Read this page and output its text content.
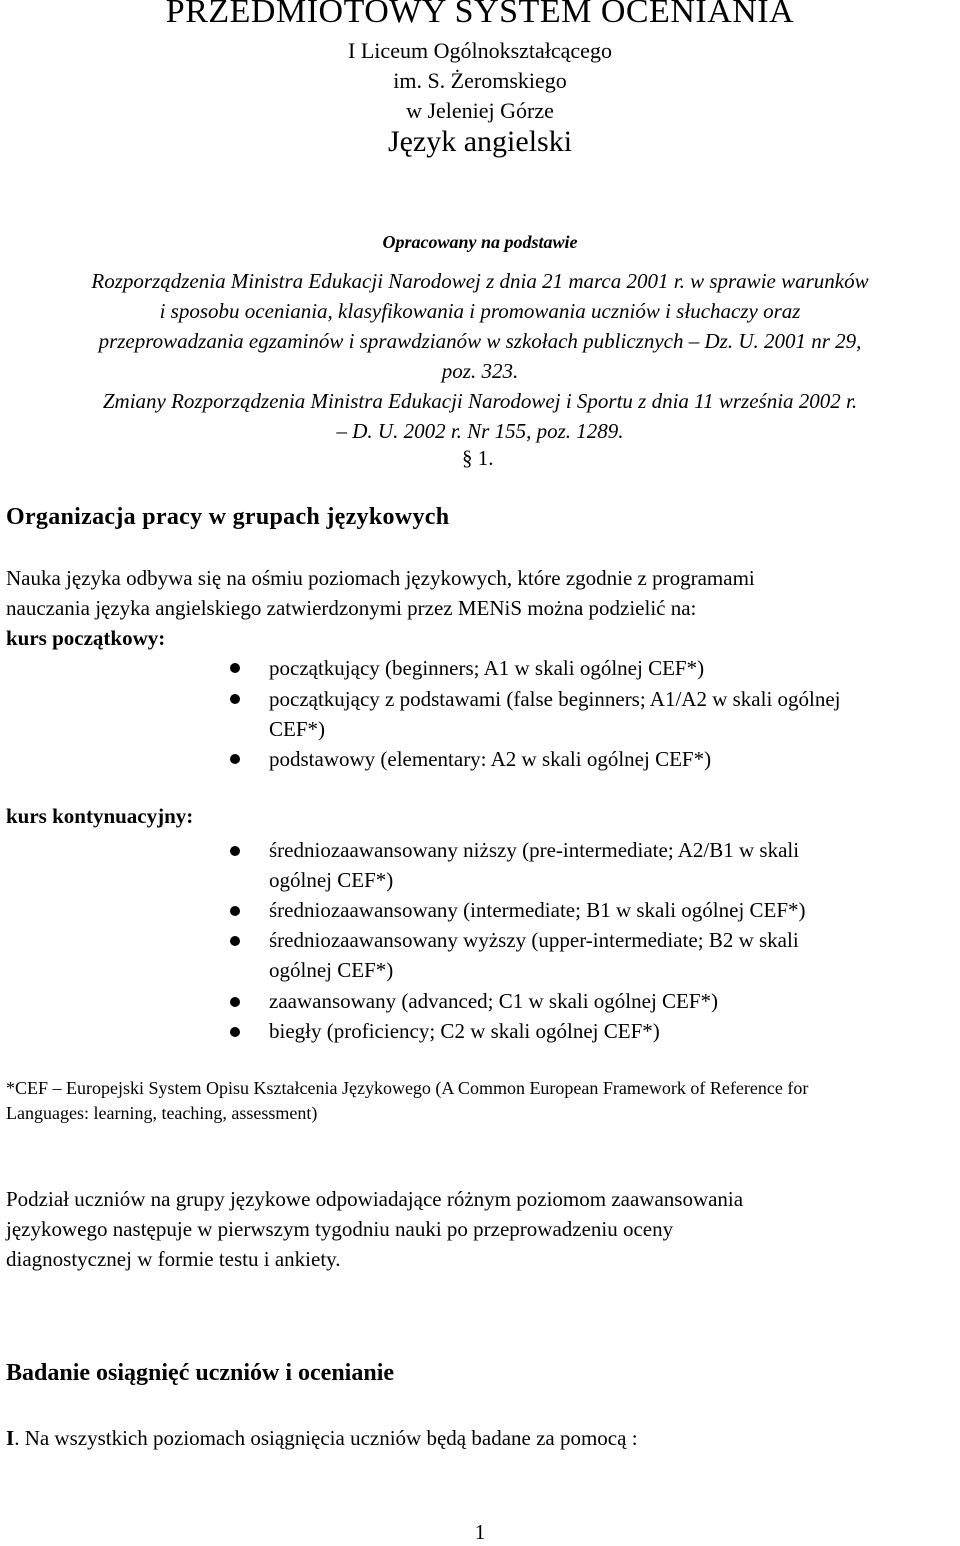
PRZEDMIOTOWY SYSTEM OCENIANIA
I Liceum Ogólnokształcącego
im. S. Żeromskiego
w Jeleniej Górze
Język angielski
Opracowany na podstawie
Rozporządzenia Ministra Edukacji Narodowej z dnia 21 marca 2001 r. w sprawie warunków
i sposobu oceniania, klasyfikowania i promowania uczniów i słuchaczy oraz
przeprowadzania egzaminów i sprawdzianów w szkołach publicznych – Dz. U. 2001 nr 29,
poz. 323.
Zmiany Rozporządzenia Ministra Edukacji Narodowej i Sportu z dnia 11 września 2002 r.
– D. U. 2002 r. Nr 155, poz. 1289.
§ 1.
Organizacja pracy w grupach językowych
Nauka języka odbywa się na ośmiu poziomach językowych, które zgodnie z programami
nauczania języka angielskiego zatwierdzonymi przez MENiS można podzielić na:
kurs początkowy:
początkujący (beginners; A1 w skali ogólnej CEF*)
początkujący z podstawami (false beginners; A1/A2 w skali ogólnej
CEF*)
podstawowy (elementary: A2 w skali ogólnej CEF*)
kurs kontynuacyjny:
średniozaawansowany niższy (pre-intermediate; A2/B1 w skali
ogólnej CEF*)
średniozaawansowany (intermediate; B1 w skali ogólnej CEF*)
średniozaawansowany wyższy (upper-intermediate; B2 w skali
ogólnej CEF*)
zaawansowany (advanced; C1 w skali ogólnej CEF*)
biegły (proficiency; C2 w skali ogólnej CEF*)
*CEF – Europejski System Opisu Kształcenia Językowego (A Common European Framework of Reference for
Languages: learning, teaching, assessment)
Podział uczniów na grupy językowe odpowiadające różnym poziomom zaawansowania
językowego następuje w pierwszym tygodniu nauki po przeprowadzeniu oceny
diagnostycznej w formie testu i ankiety.
Badanie osiągnięć uczniów i ocenianie
I. Na wszystkich poziomach osiągnięcia uczniów będą badane za pomocą :
1
